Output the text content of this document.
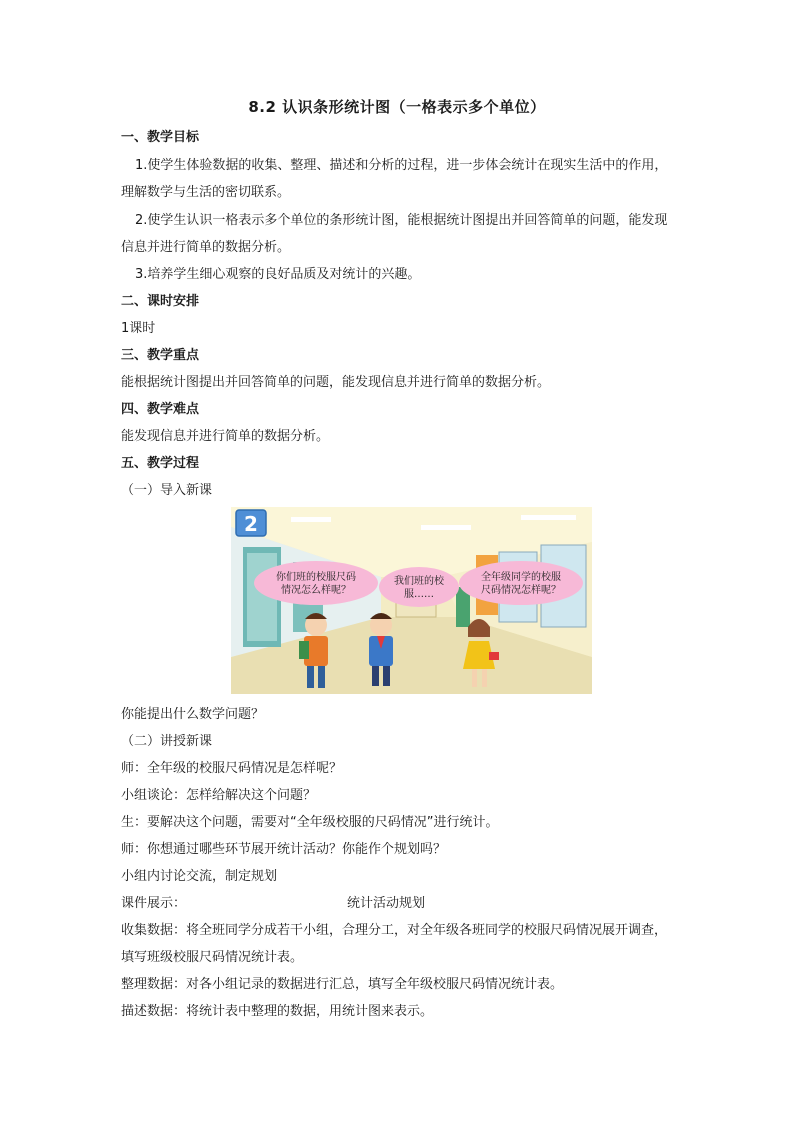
8.2 认识条形统计图（一格表示多个单位）
一、教学目标
1.使学生体验数据的收集、整理、描述和分析的过程，进一步体会统计在现实生活中的作用，
理解数学与生活的密切联系。
2.使学生认识一格表示多个单位的条形统计图，能根据统计图提出并回答简单的问题，能发现
信息并进行简单的数据分析。
3.培养学生细心观察的良好品质及对统计的兴趣。
二、课时安排
1课时
三、教学重点
能根据统计图提出并回答简单的问题，能发现信息并进行简单的数据分析。
四、教学难点
能发现信息并进行简单的数据分析。
五、教学过程
（一）导入新课
2
你们班的校服尺码
情况怎么样呢？
我们班的校
服……
全年级同学的校服
尺码情况怎样呢？
你能提出什么数学问题？
（二）讲授新课
师：全年级的校服尺码情况是怎样呢？
小组谈论：怎样给解决这个问题？
生：要解决这个问题，需要对“全年级校服的尺码情况”进行统计。
师：你想通过哪些环节展开统计活动？你能作个规划吗？
小组内讨论交流，制定规划
课件展示：	统计活动规划
收集数据：将全班同学分成若干小组，合理分工，对全年级各班同学的校服尺码情况展开调查，
填写班级校服尺码情况统计表。
整理数据：对各小组记录的数据进行汇总，填写全年级校服尺码情况统计表。
描述数据：将统计表中整理的数据，用统计图来表示。
